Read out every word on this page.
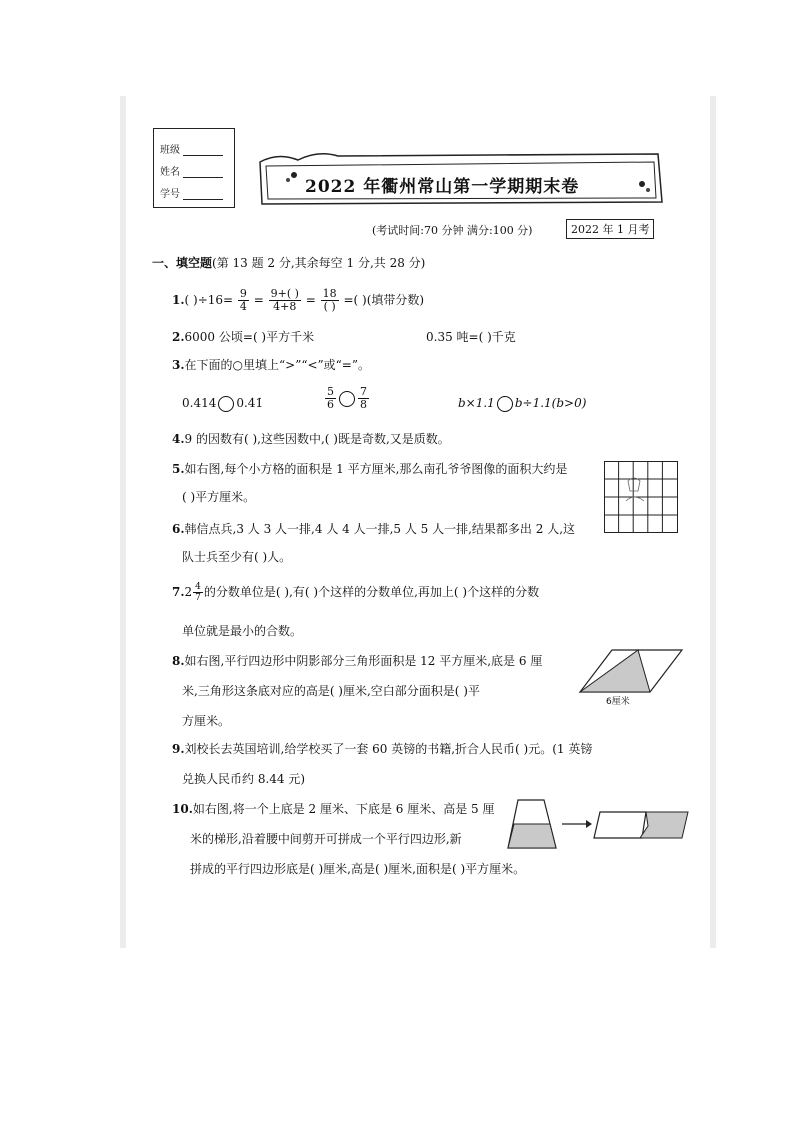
班级
姓名
学号	2022 年衢州常山第一学期期末卷
(考试时间:70 分钟 满分:100 分)	2022 年 1 月考
一、填空题(第 13 题 2 分,其余每空 1 分,共 28 分)
1.( )$\div 16= \frac{9}{4} = \frac{9+( )}{4+8} = \frac{18}{( )}$ =( )(填带分数)
2.6000 公顷=( )平方千米	0.35 吨=( )千克
3.在下面的○里填上“>”“<”或“=”。
0.414 0.4̇1̇	$\frac{5}{6} \frac{7}{8}$	b×1.1 b÷1.1(b>0)
4.9 的因数有( ),这些因数中,( )既是奇数,又是质数。
5.如右图,每个小方格的面积是 1 平方厘米,那么南孔爷爷图像的面积大约是
( )平方厘米。
6.韩信点兵,3 人 3 人一排,4 人 4 人一排,5 人 5 人一排,结果都多出 2 人,这
队士兵至少有( )人。
$7.2 \frac{4}{7}$ 的分数单位是( ),有( )个这样的分数单位,再加上( )个这样的分数
单位就是最小的合数。
8.如右图,平行四边形中阴影部分三角形面积是 12 平方厘米,底是 6 厘
米,三角形这条底对应的高是( )厘米,空白部分面积是( )平
方厘米。
6厘米
9.刘校长去英国培训,给学校买了一套 60 英镑的书籍,折合人民币( )元。(1 英镑
兑换人民币约 8.44 元)
10.如右图,将一个上底是 2 厘米、下底是 6 厘米、高是 5 厘
米的梯形,沿着腰中间剪开可拼成一个平行四边形,新
拼成的平行四边形底是( )厘米,高是( )厘米,面积是( )平方厘米。
